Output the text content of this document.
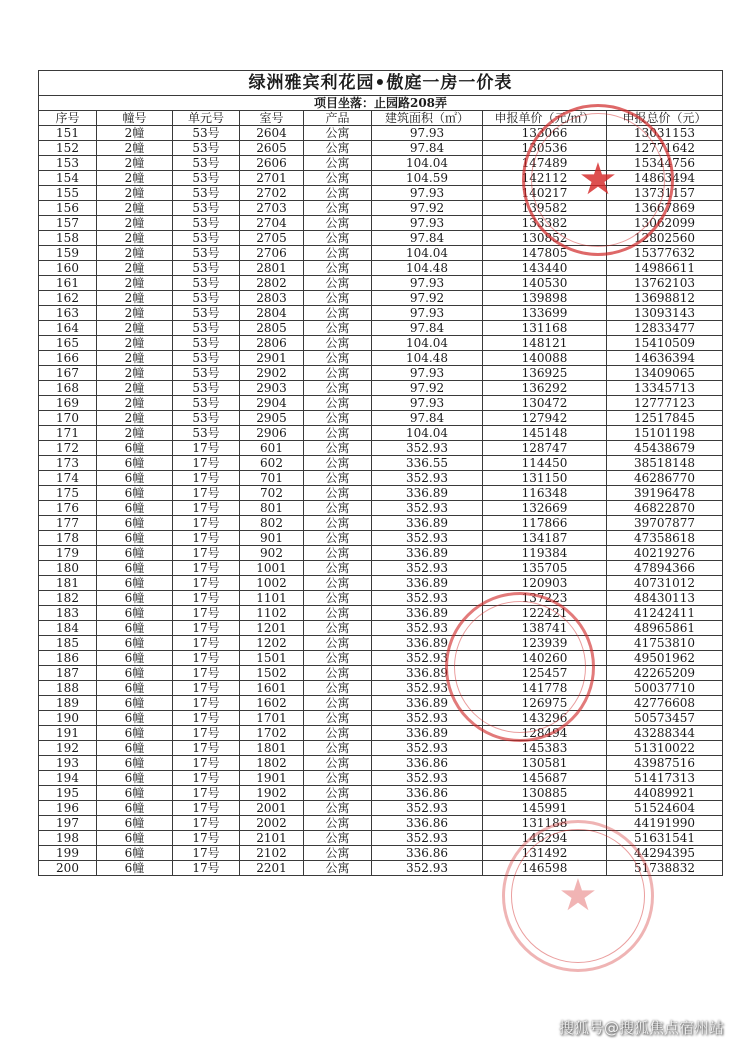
绿洲雅宾利花园•傲庭一房一价表							
项目坐落：止园路208弄							
序号	幢号	单元号	室号	产品	建筑面积（㎡）	申报单价（元/㎡）	申报总价（元）
151	2幢	53号	2604	公寓	97.93	133066	13031153
152	2幢	53号	2605	公寓	97.84	130536	12771642
153	2幢	53号	2606	公寓	104.04	147489	15344756
154	2幢	53号	2701	公寓	104.59	142112	14863494
155	2幢	53号	2702	公寓	97.93	140217	13731157
156	2幢	53号	2703	公寓	97.92	139582	13667869
157	2幢	53号	2704	公寓	97.93	133382	13062099
158	2幢	53号	2705	公寓	97.84	130852	12802560
159	2幢	53号	2706	公寓	104.04	147805	15377632
160	2幢	53号	2801	公寓	104.48	143440	14986611
161	2幢	53号	2802	公寓	97.93	140530	13762103
162	2幢	53号	2803	公寓	97.92	139898	13698812
163	2幢	53号	2804	公寓	97.93	133699	13093143
164	2幢	53号	2805	公寓	97.84	131168	12833477
165	2幢	53号	2806	公寓	104.04	148121	15410509
166	2幢	53号	2901	公寓	104.48	140088	14636394
167	2幢	53号	2902	公寓	97.93	136925	13409065
168	2幢	53号	2903	公寓	97.92	136292	13345713
169	2幢	53号	2904	公寓	97.93	130472	12777123
170	2幢	53号	2905	公寓	97.84	127942	12517845
171	2幢	53号	2906	公寓	104.04	145148	15101198
172	6幢	17号	601	公寓	352.93	128747	45438679
173	6幢	17号	602	公寓	336.55	114450	38518148
174	6幢	17号	701	公寓	352.93	131150	46286770
175	6幢	17号	702	公寓	336.89	116348	39196478
176	6幢	17号	801	公寓	352.93	132669	46822870
177	6幢	17号	802	公寓	336.89	117866	39707877
178	6幢	17号	901	公寓	352.93	134187	47358618
179	6幢	17号	902	公寓	336.89	119384	40219276
180	6幢	17号	1001	公寓	352.93	135705	47894366
181	6幢	17号	1002	公寓	336.89	120903	40731012
182	6幢	17号	1101	公寓	352.93	137223	48430113
183	6幢	17号	1102	公寓	336.89	122421	41242411
184	6幢	17号	1201	公寓	352.93	138741	48965861
185	6幢	17号	1202	公寓	336.89	123939	41753810
186	6幢	17号	1501	公寓	352.93	140260	49501962
187	6幢	17号	1502	公寓	336.89	125457	42265209
188	6幢	17号	1601	公寓	352.93	141778	50037710
189	6幢	17号	1602	公寓	336.89	126975	42776608
190	6幢	17号	1701	公寓	352.93	143296	50573457
191	6幢	17号	1702	公寓	336.89	128494	43288344
192	6幢	17号	1801	公寓	352.93	145383	51310022
193	6幢	17号	1802	公寓	336.86	130581	43987516
194	6幢	17号	1901	公寓	352.93	145687	51417313
195	6幢	17号	1902	公寓	336.86	130885	44089921
196	6幢	17号	2001	公寓	352.93	145991	51524604
197	6幢	17号	2002	公寓	336.86	131188	44191990
198	6幢	17号	2101	公寓	352.93	146294	51631541
199	6幢	17号	2102	公寓	336.86	131492	44294395
200	6幢	17号	2201	公寓	352.93	146598	51738832
★
★
搜狐号@搜狐焦点宿州站
